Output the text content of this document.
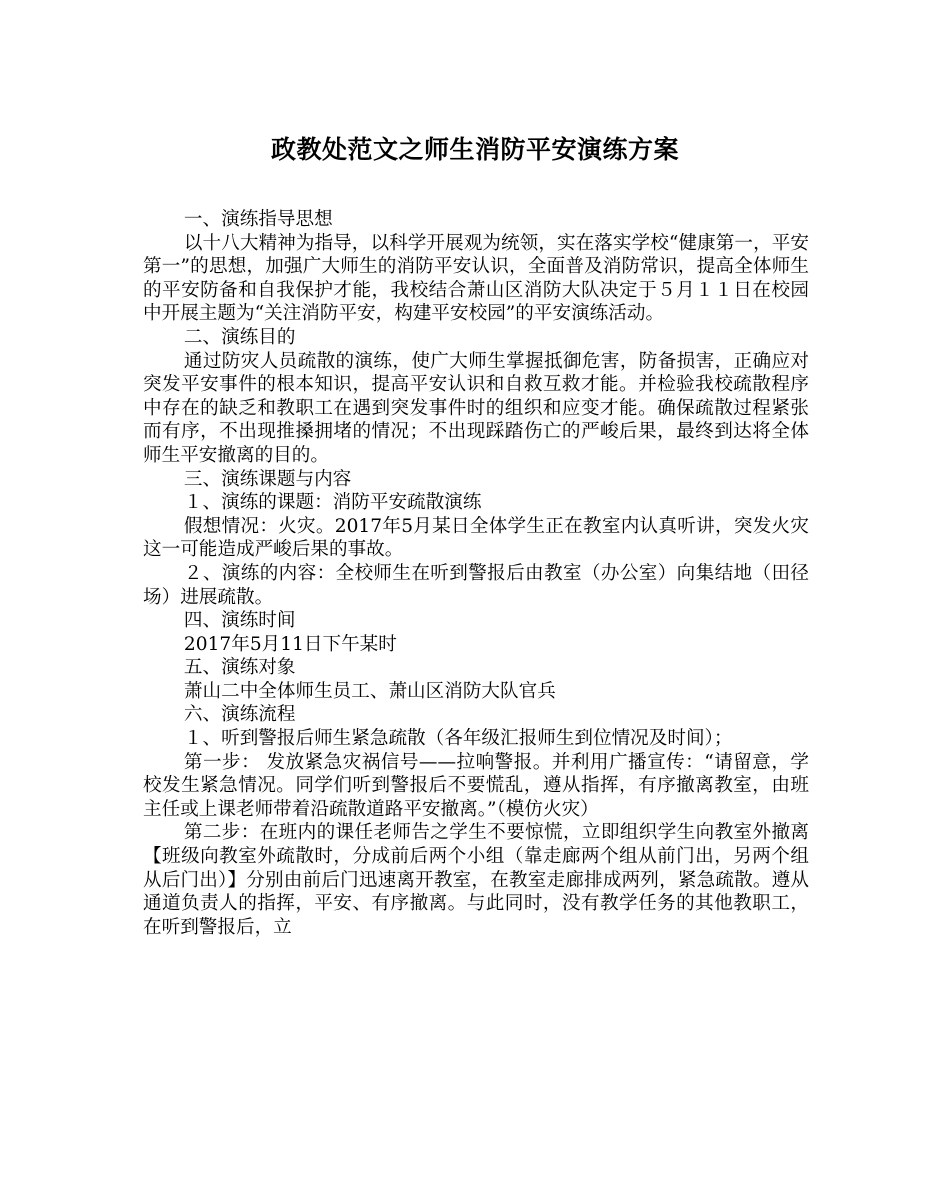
政教处范文之师生消防平安演练方案

一、演练指导思想

以十八大精神为指导，以科学开展观为统领，实在落实学校“健康第一，平安第一”的思想，加强广大师生的消防平安认识，全面普及消防常识，提高全体师生的平安防备和自我保护才能，我校结合萧山区消防大队决定于５月１１日在校园中开展主题为“关注消防平安，构建平安校园”的平安演练活动。

二、演练目的

通过防灾人员疏散的演练，使广大师生掌握抵御危害，防备损害，正确应对突发平安事件的根本知识，提高平安认识和自救互救才能。并检验我校疏散程序中存在的缺乏和教职工在遇到突发事件时的组织和应变才能。确保疏散过程紧张而有序，不出现推搡拥堵的情况；不出现踩踏伤亡的严峻后果，最终到达将全体师生平安撤离的目的。

三、演练课题与内容

１、演练的课题：消防平安疏散演练

假想情况：火灾。2017年5月某日全体学生正在教室内认真听讲，突发火灾这一可能造成严峻后果的事故。

２、演练的内容：全校师生在听到警报后由教室（办公室）向集结地（田径场）进展疏散。

四、演练时间

2017年5月11日下午某时

五、演练对象

萧山二中全体师生员工、萧山区消防大队官兵

六、演练流程

１、听到警报后师生紧急疏散（各年级汇报师生到位情况及时间）；

第一步： 发放紧急灾祸信号——拉响警报。并利用广播宣传：“请留意，学校发生紧急情况。同学们听到警报后不要慌乱，遵从指挥，有序撤离教室，由班主任或上课老师带着沿疏散道路平安撤离。”（模仿火灾）

第二步：在班内的课任老师告之学生不要惊慌，立即组织学生向教室外撤离【班级向教室外疏散时，分成前后两个小组（靠走廊两个组从前门出，另两个组从后门出）】分别由前后门迅速离开教室，在教室走廊排成两列，紧急疏散。遵从通道负责人的指挥，平安、有序撤离。与此同时，没有教学任务的其他教职工，在听到警报后，立
